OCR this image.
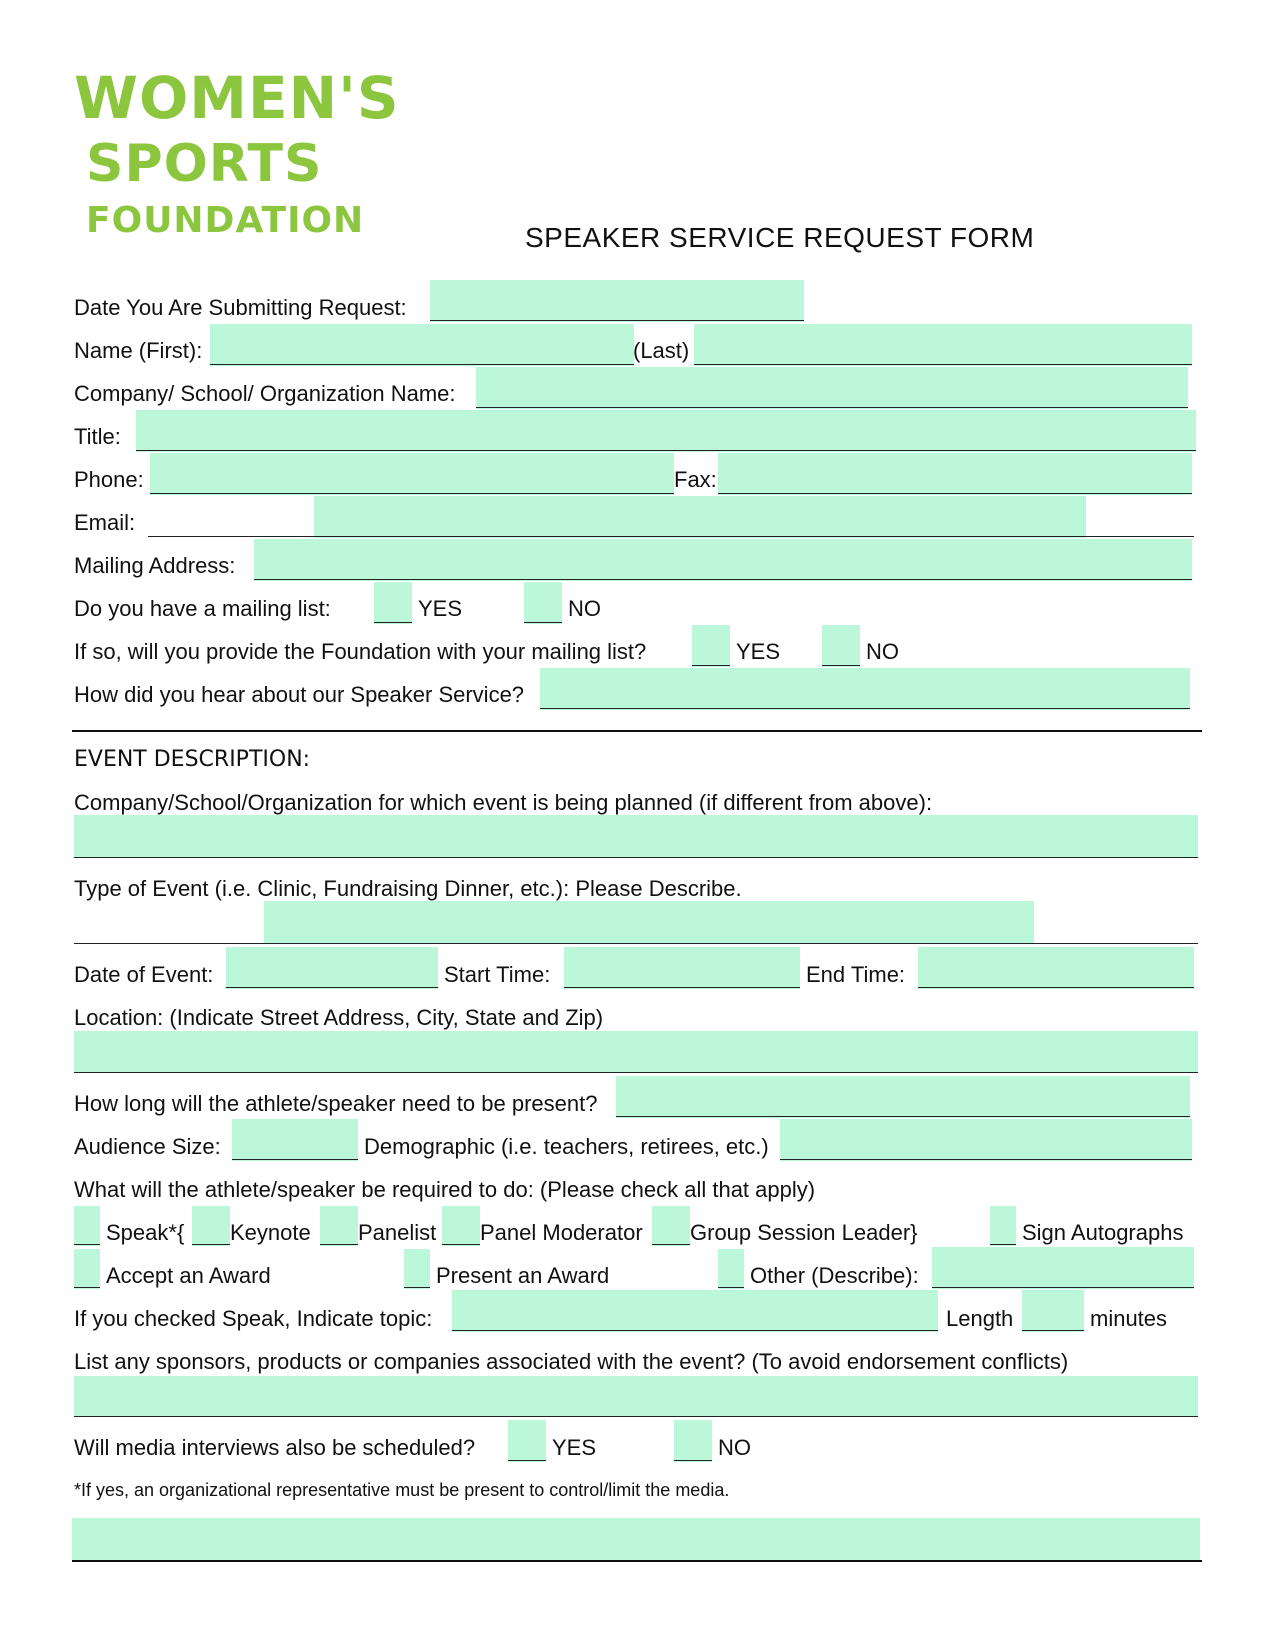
WOMEN'S
SPORTS
FOUNDATION	SPEAKER SERVICE REQUEST FORM
Date You Are Submitting Request:
Name (First):	(Last)
Company/ School/ Organization Name:
Title:
Phone:	Fax:
Email:
Mailing Address:
Do you have a mailing list:	YES	NO
If so, will you provide the Foundation with your mailing list?	YES	NO
How did you hear about our Speaker Service?
EVENT DESCRIPTION:
Company/School/Organization for which event is being planned (if different from above):
Type of Event (i.e. Clinic, Fundraising Dinner, etc.): Please Describe.
Date of Event:	Start Time:	End Time:
Location: (Indicate Street Address, City, State and Zip)
How long will the athlete/speaker need to be present?
Audience Size:	Demographic (i.e. teachers, retirees, etc.)
What will the athlete/speaker be required to do: (Please check all that apply)
Speak*{ Keynote Panelist Panel Moderator Group Session Leader}	Sign Autographs
Accept an Award	Present an Award	Other (Describe):
If you checked Speak, Indicate topic:	Length	minutes
List any sponsors, products or companies associated with the event? (To avoid endorsement conflicts)
Will media interviews also be scheduled?	YES	NO
*If yes, an organizational representative must be present to control/limit the media.
